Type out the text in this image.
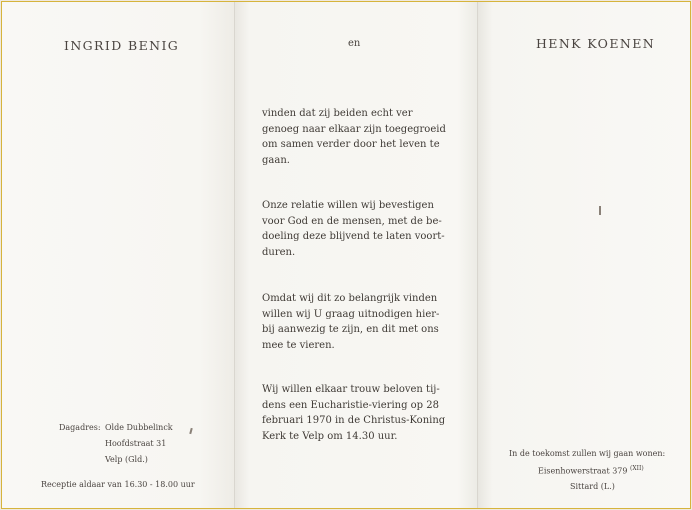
INGRID BENIG
Dagadres: Olde Dubbelinck
Hoofdstraat 31
Velp (Gld.)
Receptie aldaar van 16.30 - 18.00 uur
en
vinden dat zij beiden echt ver
genoeg naar elkaar zijn toegegroeid
om samen verder door het leven te
gaan.
Onze relatie willen wij bevestigen
voor God en de mensen, met de be-
doeling deze blijvend te laten voort-
duren.
Omdat wij dit zo belangrijk vinden
willen wij U graag uitnodigen hier-
bij aanwezig te zijn, en dit met ons
mee te vieren.
Wij willen elkaar trouw beloven tij-
dens een Eucharistie-viering op 28
februari 1970 in de Christus-Koning
Kerk te Velp om 14.30 uur.
HENK KOENEN
In de toekomst zullen wij gaan wonen:
Eisenhowerstraat 379 $^{(XII)}$
Sittard (L.)
